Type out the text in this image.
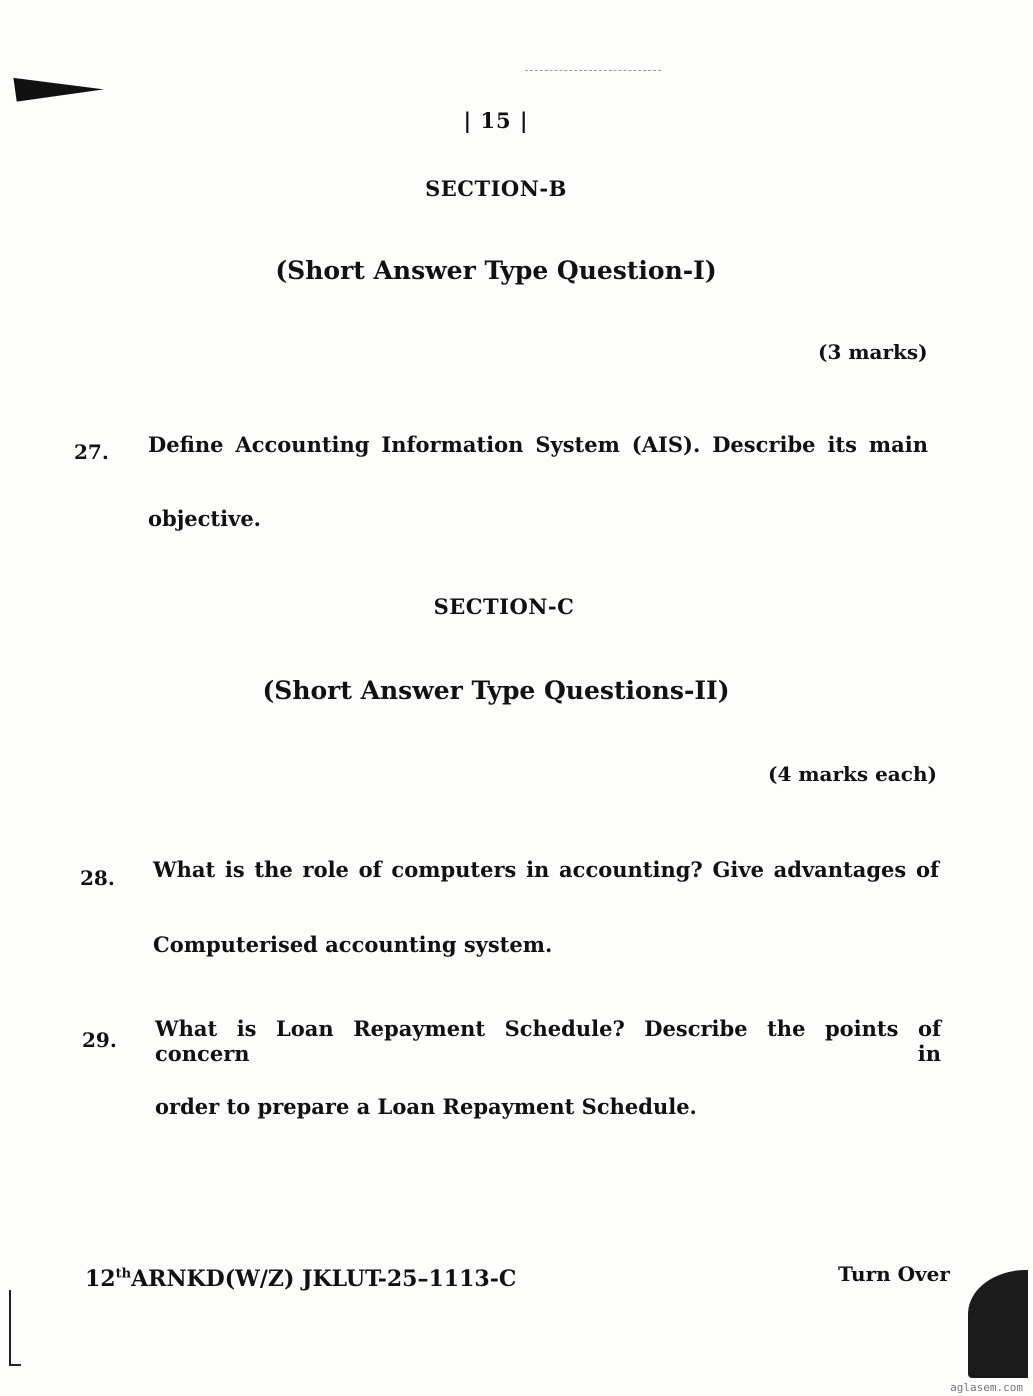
| 15 |
SECTION-B
(Short Answer Type Question-I)
(3 marks)
27. Define Accounting Information System (AIS). Describe its main
objective.
SECTION-C
(Short Answer Type Questions-II)
(4 marks each)
28. What is the role of computers in accounting? Give advantages of
Computerised accounting system.
29. What is Loan Repayment Schedule? Describe the points of concern in
order to prepare a Loan Repayment Schedule.
12thARNKD(W/Z) JKLUT-25–1113-C	Turn Over
aglasem.com
